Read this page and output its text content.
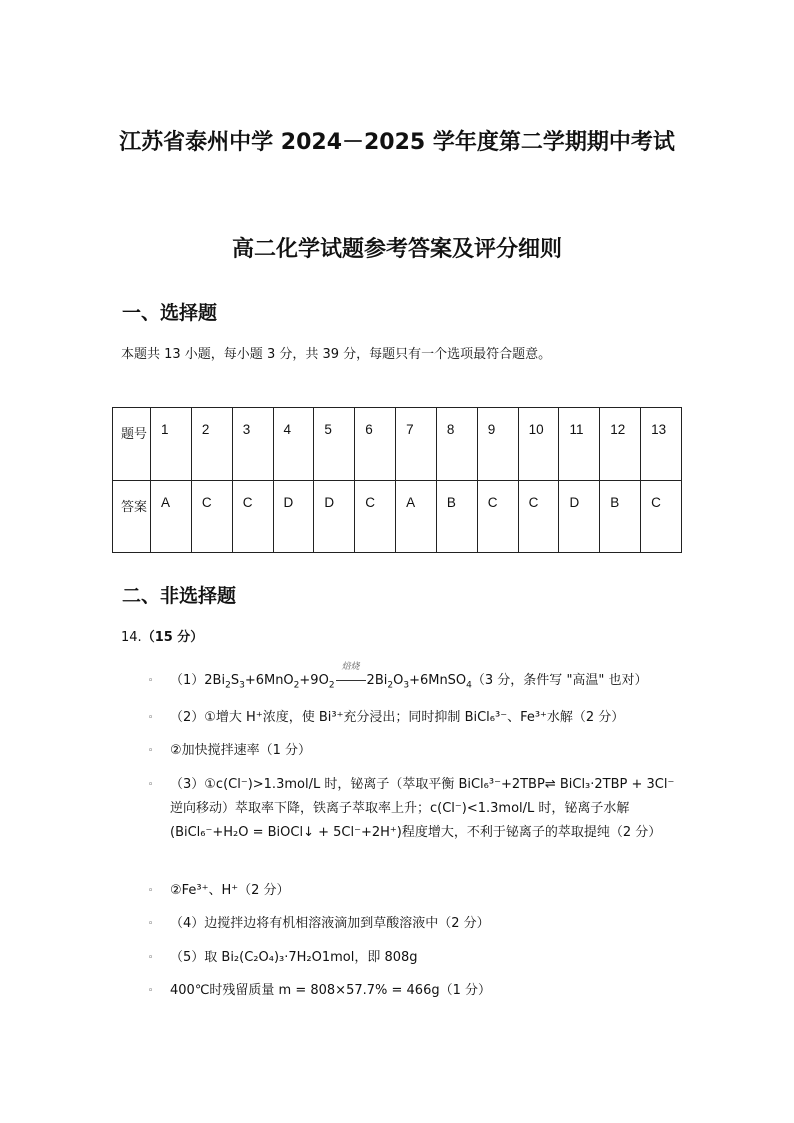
江苏省泰州中学 2024－2025 学年度第二学期期中考试
高二化学试题参考答案及评分细则
一、选择题
本题共 13 小题，每小题 3 分，共 39 分，每题只有一个选项最符合题意。
题号	1	2	3	4	5	6	7	8	9	10	11	12	13
答案	A	C	C	D	D	C	A	B	C	C	D	B	C
二、非选择题
14.（15 分）
◦ $(1)2Bi_2S_3+6MnO_2+9O_2$
焙烧
$2Bi_2O_3+6MnSO_4(3$ 分，条件写 "高温" 也对）
◦ （2）①增大 H⁺浓度，使 Bi³⁺充分浸出；同时抑制 BiCl₆³⁻、Fe³⁺水解（2 分）
◦ ②加快搅拌速率（1 分）
◦ （3）①c(Cl⁻)>1.3mol/L 时，铋离子（萃取平衡 BiCl₆³⁻+2TBP⇌ BiCl₃·2TBP + 3Cl⁻逆向移动）萃取率下降，铁离子萃取率上升；c(Cl⁻)<1.3mol/L 时，铋离子水解(BiCl₆⁻+H₂O = BiOCl↓ + 5Cl⁻+2H⁺)程度增大，不利于铋离子的萃取提纯（2 分）
◦ ②Fe³⁺、H⁺（2 分）
◦ （4）边搅拌边将有机相溶液滴加到草酸溶液中（2 分）
◦ （5）取 Bi₂(C₂O₄)₃·7H₂O1mol，即 808g
◦ 400℃时残留质量 m = 808×57.7% = 466g（1 分）
